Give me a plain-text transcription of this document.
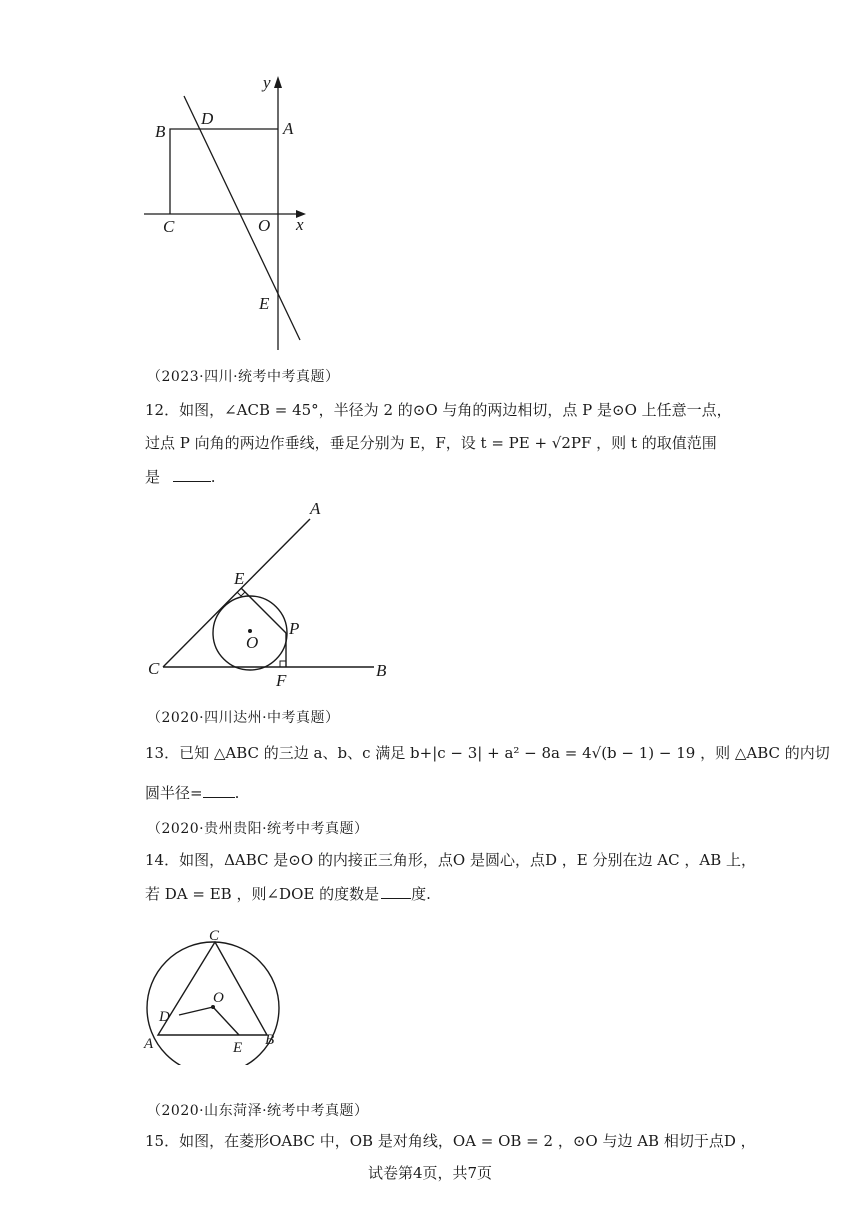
y
x
B
D
A
C	O
E
（2023·四川·统考中考真题）
12．如图，∠ACB = 45°，半径为 2 的⊙O 与角的两边相切，点 P 是⊙O 上任意一点，
过点 P 向角的两边作垂线，垂足分别为 E，F，设 t = PE + √2PF ，则 t 的取值范围
是	.
A
E
O
P
C
F
B
（2020·四川达州·中考真题）
13．已知 △ABC 的三边 a、b、c 满足 b+|c − 3| + a² − 8a = 4√(b − 1) − 19 ，则 △ABC 的内切
圆半径= .
（2020·贵州贵阳·统考中考真题）
14．如图，ΔABC 是⊙O 的内接正三角形，点O 是圆心，点D ，E 分别在边 AC ，AB 上，
若 DA = EB ，则∠DOE 的度数是 度.
C
D
O
A	E B
（2020·山东菏泽·统考中考真题）
15．如图，在菱形OABC 中，OB 是对角线，OA = OB = 2 ，⊙O 与边 AB 相切于点D ，
试卷第4页，共7页
